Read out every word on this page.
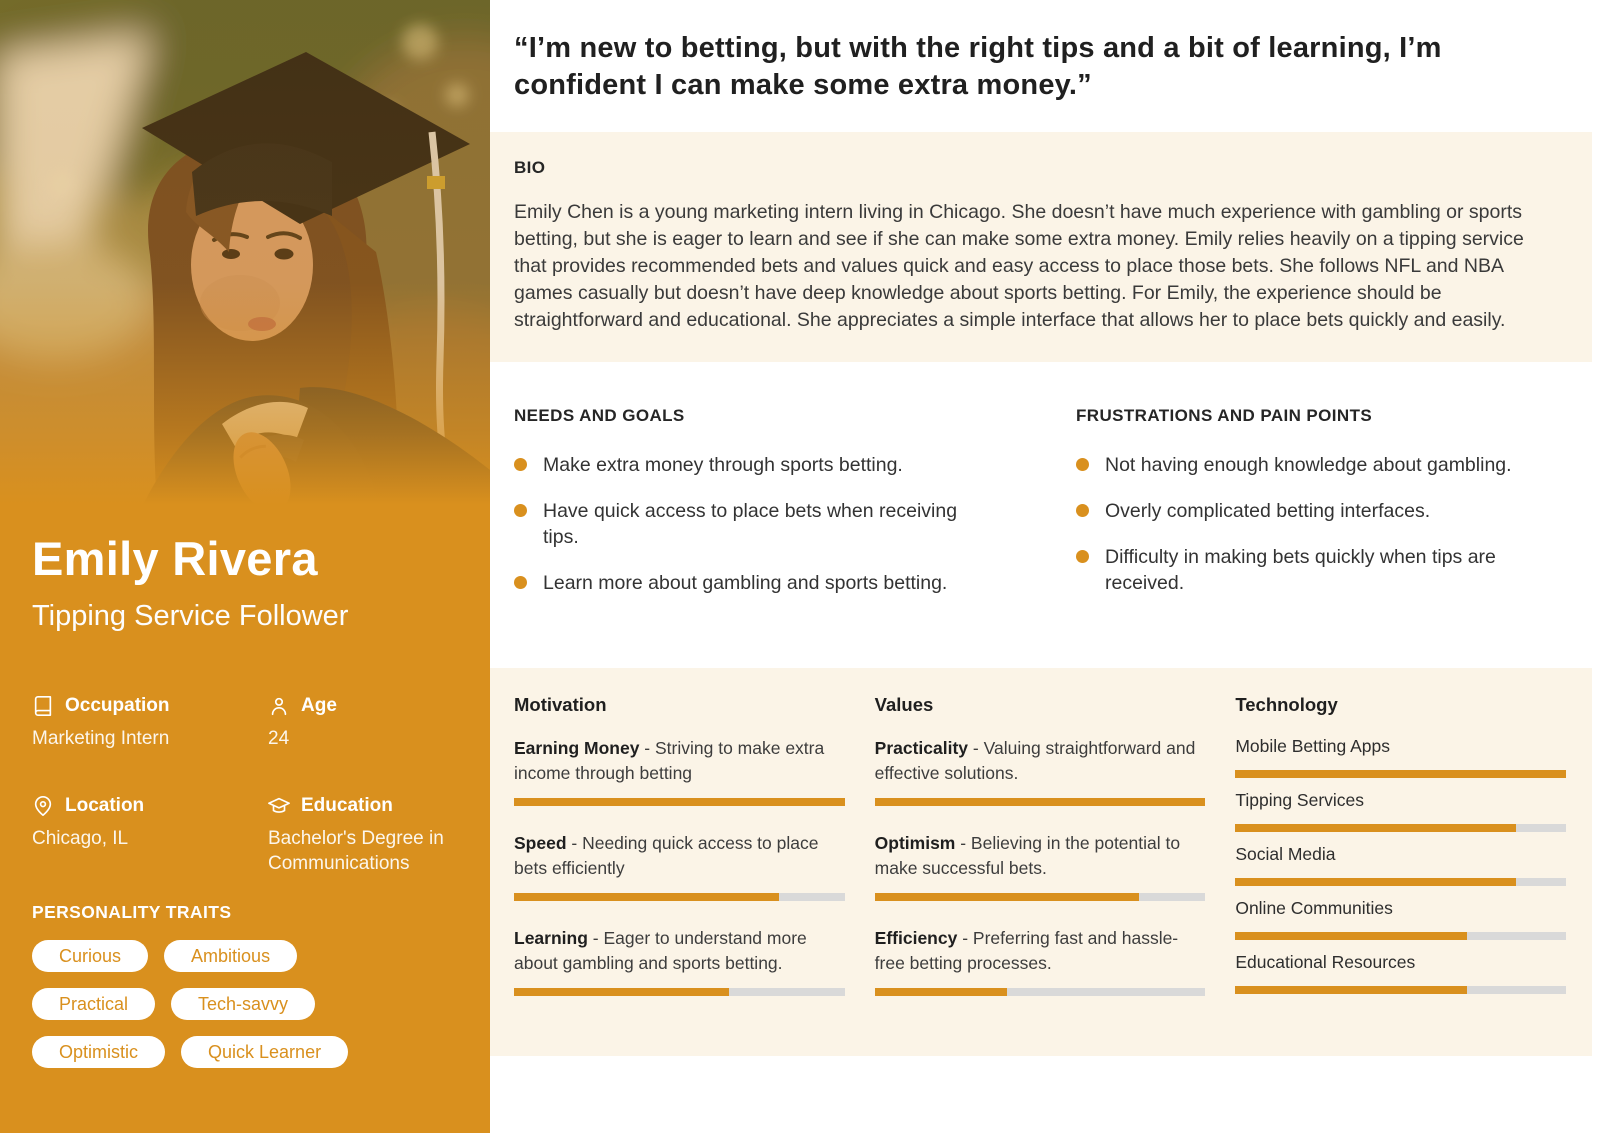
Emily Rivera
Tipping Service Follower
Occupation
Marketing Intern
Age
24
Location
Chicago, IL
Education
Bachelor's Degree in Communications
PERSONALITY TRAITS
Curious	Ambitious
Practical	Tech-savvy
Optimistic	Quick Learner
“I’m new to betting, but with the right tips and a bit of learning, I’m confident I can make some extra money.”
BIO

Emily Chen is a young marketing intern living in Chicago. She doesn’t have much experience with gambling or sports betting, but she is eager to learn and see if she can make some extra money. Emily relies heavily on a tipping service that provides recommended bets and values quick and easy access to place those bets. She follows NFL and NBA games casually but doesn’t have deep knowledge about sports betting. For Emily, the experience should be straightforward and educational. She appreciates a simple interface that allows her to place bets quickly and easily.

NEEDS AND GOALS
Make extra money through sports betting.
Have quick access to place bets when receiving tips.
Learn more about gambling and sports betting.
FRUSTRATIONS AND PAIN POINTS
Not having enough knowledge about gambling.
Overly complicated betting interfaces.
Difficulty in making bets quickly when tips are received.
Motivation
Earning Money - Striving to make extra income through betting
Speed - Needing quick access to place bets efficiently
Learning - Eager to understand more about gambling and sports betting.
Values
Practicality - Valuing straightforward and effective solutions.
Optimism - Believing in the potential to make successful bets.
Efficiency - Preferring fast and hassle-free betting processes.
Technology
Mobile Betting Apps
Tipping Services
Social Media
Online Communities
Educational Resources
